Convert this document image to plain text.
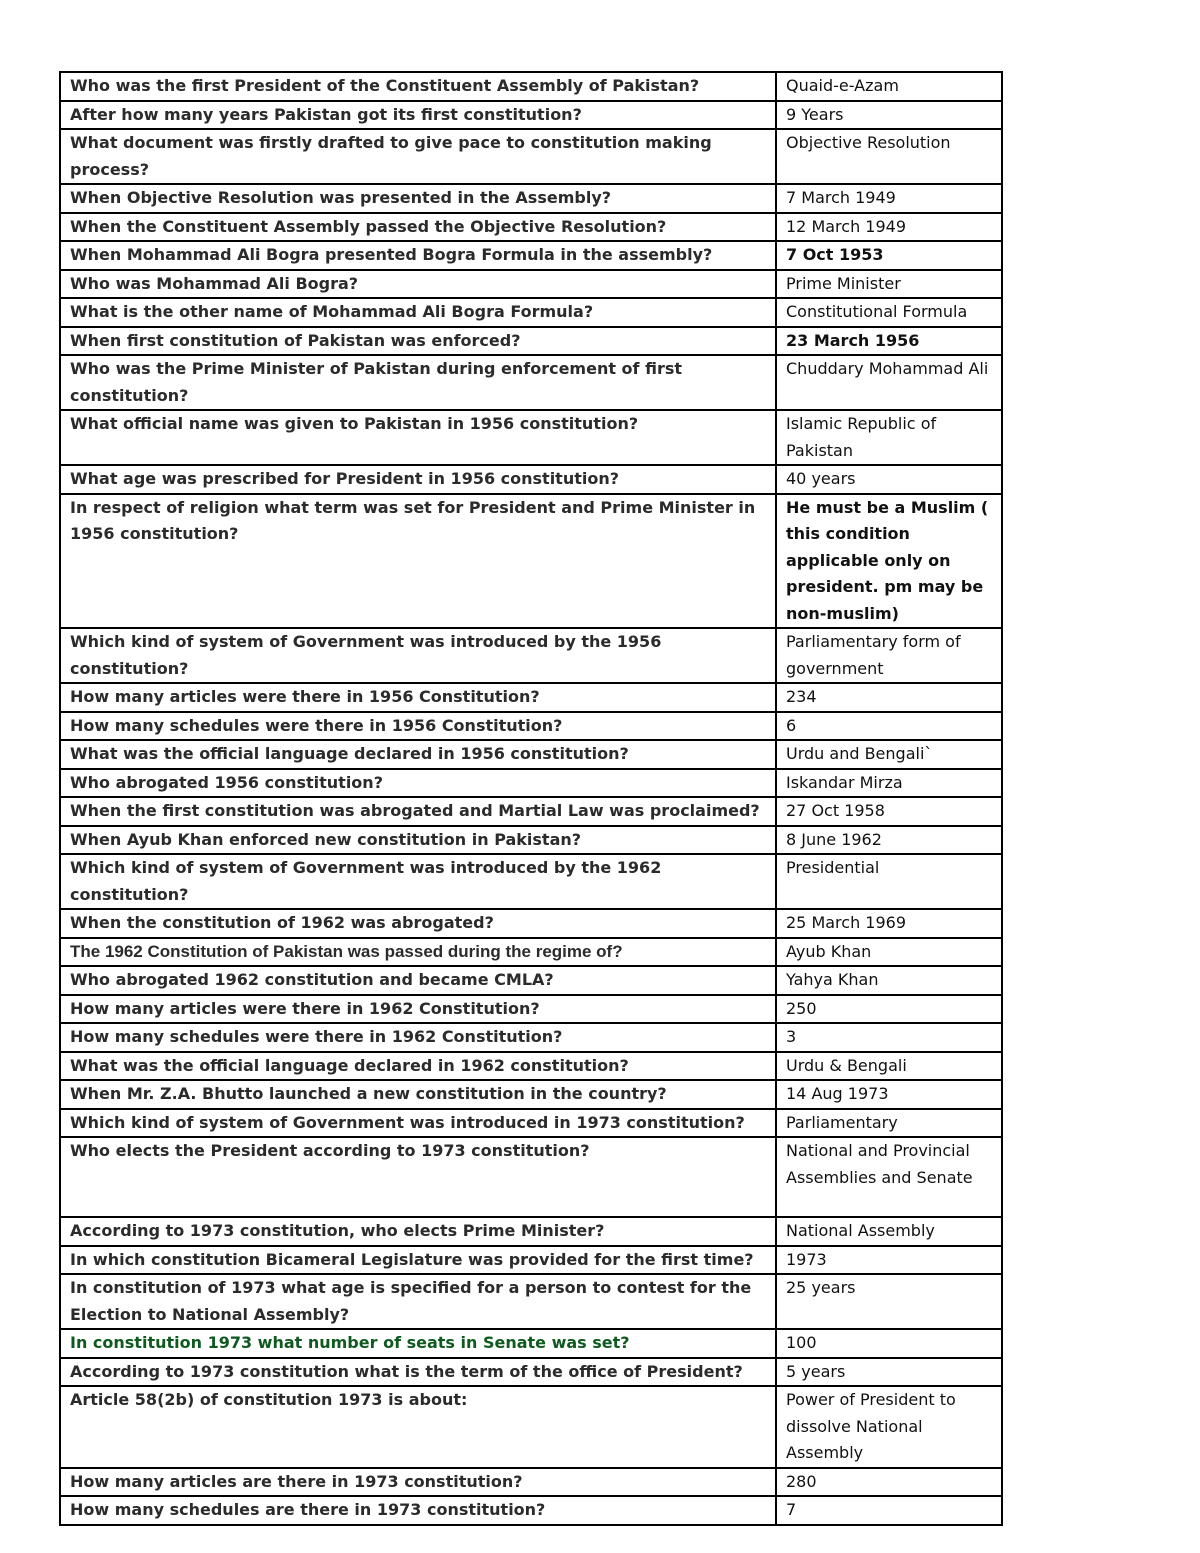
Who was the first President of the Constituent Assembly of Pakistan?	Quaid-e-Azam
After how many years Pakistan got its first constitution?	9 Years
What document was firstly drafted to give pace to constitution making process?	Objective Resolution
When Objective Resolution was presented in the Assembly?	7 March 1949
When the Constituent Assembly passed the Objective Resolution?	12 March 1949
When Mohammad Ali Bogra presented Bogra Formula in the assembly?	7 Oct 1953
Who was Mohammad Ali Bogra?	Prime Minister
What is the other name of Mohammad Ali Bogra Formula?	Constitutional Formula
When first constitution of Pakistan was enforced?	23 March 1956
Who was the Prime Minister of Pakistan during enforcement of first constitution?	Chuddary Mohammad Ali
What official name was given to Pakistan in 1956 constitution?	Islamic Republic of Pakistan
What age was prescribed for President in 1956 constitution?	40 years
In respect of religion what term was set for President and Prime Minister in 1956 constitution?	He must be a Muslim ( this condition applicable only on president. pm may be non-muslim)
Which kind of system of Government was introduced by the 1956 constitution?	Parliamentary form of government
How many articles were there in 1956 Constitution?	234
How many schedules were there in 1956 Constitution?	6
What was the official language declared in 1956 constitution?	Urdu and Bengali`
Who abrogated 1956 constitution?	Iskandar Mirza
When the first constitution was abrogated and Martial Law was proclaimed?	27 Oct 1958
When Ayub Khan enforced new constitution in Pakistan?	8 June 1962
Which kind of system of Government was introduced by the 1962 constitution?	Presidential
When the constitution of 1962 was abrogated?	25 March 1969
The 1962 Constitution of Pakistan was passed during the regime of?	Ayub Khan
Who abrogated 1962 constitution and became CMLA?	Yahya Khan
How many articles were there in 1962 Constitution?	250
How many schedules were there in 1962 Constitution?	3
What was the official language declared in 1962 constitution?	Urdu & Bengali
When Mr. Z.A. Bhutto launched a new constitution in the country?	14 Aug 1973
Which kind of system of Government was introduced in 1973 constitution?	Parliamentary
Who elects the President according to 1973 constitution?	National and Provincial Assemblies and Senate
According to 1973 constitution, who elects Prime Minister?	National Assembly
In which constitution Bicameral Legislature was provided for the first time?	1973
In constitution of 1973 what age is specified for a person to contest for the Election to National Assembly?	25 years
In constitution 1973 what number of seats in Senate was set?	100
According to 1973 constitution what is the term of the office of President?	5 years
Article 58(2b) of constitution 1973 is about:	Power of President to dissolve National Assembly
How many articles are there in 1973 constitution?	280
How many schedules are there in 1973 constitution?	7
